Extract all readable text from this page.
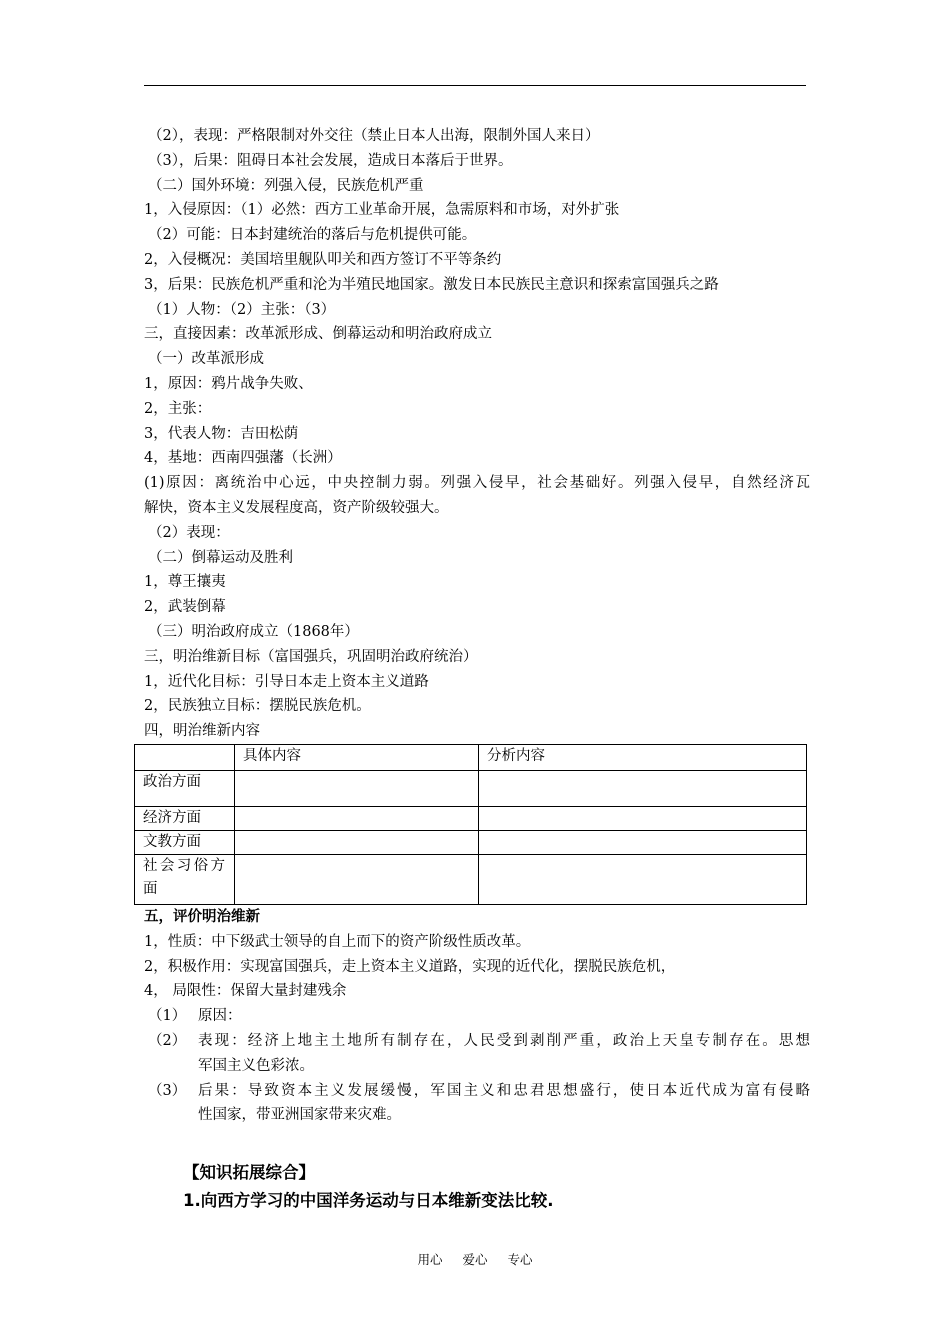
（2），表现：严格限制对外交往（禁止日本人出海，限制外国人来日）
（3），后果：阻碍日本社会发展，造成日本落后于世界。
（二）国外环境：列强入侵，民族危机严重
1，入侵原因：（1）必然：西方工业革命开展，急需原料和市场，对外扩张
（2）可能：日本封建统治的落后与危机提供可能。
2，入侵概况：美国培里舰队叩关和西方签订不平等条约
3，后果：民族危机严重和沦为半殖民地国家。激发日本民族民主意识和探索富国强兵之路
（1）人物：（2）主张：（3）
三，直接因素：改革派形成、倒幕运动和明治政府成立
（一）改革派形成
1，原因：鸦片战争失败、
2，主张：
3，代表人物：吉田松荫
4，基地：西南四强藩（长洲）
(1)原因：离统治中心远，中央控制力弱。列强入侵早，社会基础好。列强入侵早，自然经济瓦
解快，资本主义发展程度高，资产阶级较强大。
（2）表现：
（二）倒幕运动及胜利
1，尊王攘夷
2，武装倒幕
（三）明治政府成立（1868年）
三，明治维新目标（富国强兵，巩固明治政府统治）
1，近代化目标：引导日本走上资本主义道路
2，民族独立目标：摆脱民族危机。
四，明治维新内容
	具体内容	分析内容
政治方面		
经济方面		
文教方面		
社会习俗方面		
五，评价明治维新
1，性质：中下级武士领导的自上而下的资产阶级性质改革。
2，积极作用：实现富国强兵，走上资本主义道路，实现的近代化，摆脱民族危机，
4， 局限性：保留大量封建残余
（1） 原因：
（2） 表现：经济上地主土地所有制存在，人民受到剥削严重，政治上天皇专制存在。思想
军国主义色彩浓。
（3） 后果：导致资本主义发展缓慢，军国主义和忠君思想盛行，使日本近代成为富有侵略
性国家，带亚洲国家带来灾难。
【知识拓展综合】
1.向西方学习的中国洋务运动与日本维新变法比较.
用心 爱心 专心
